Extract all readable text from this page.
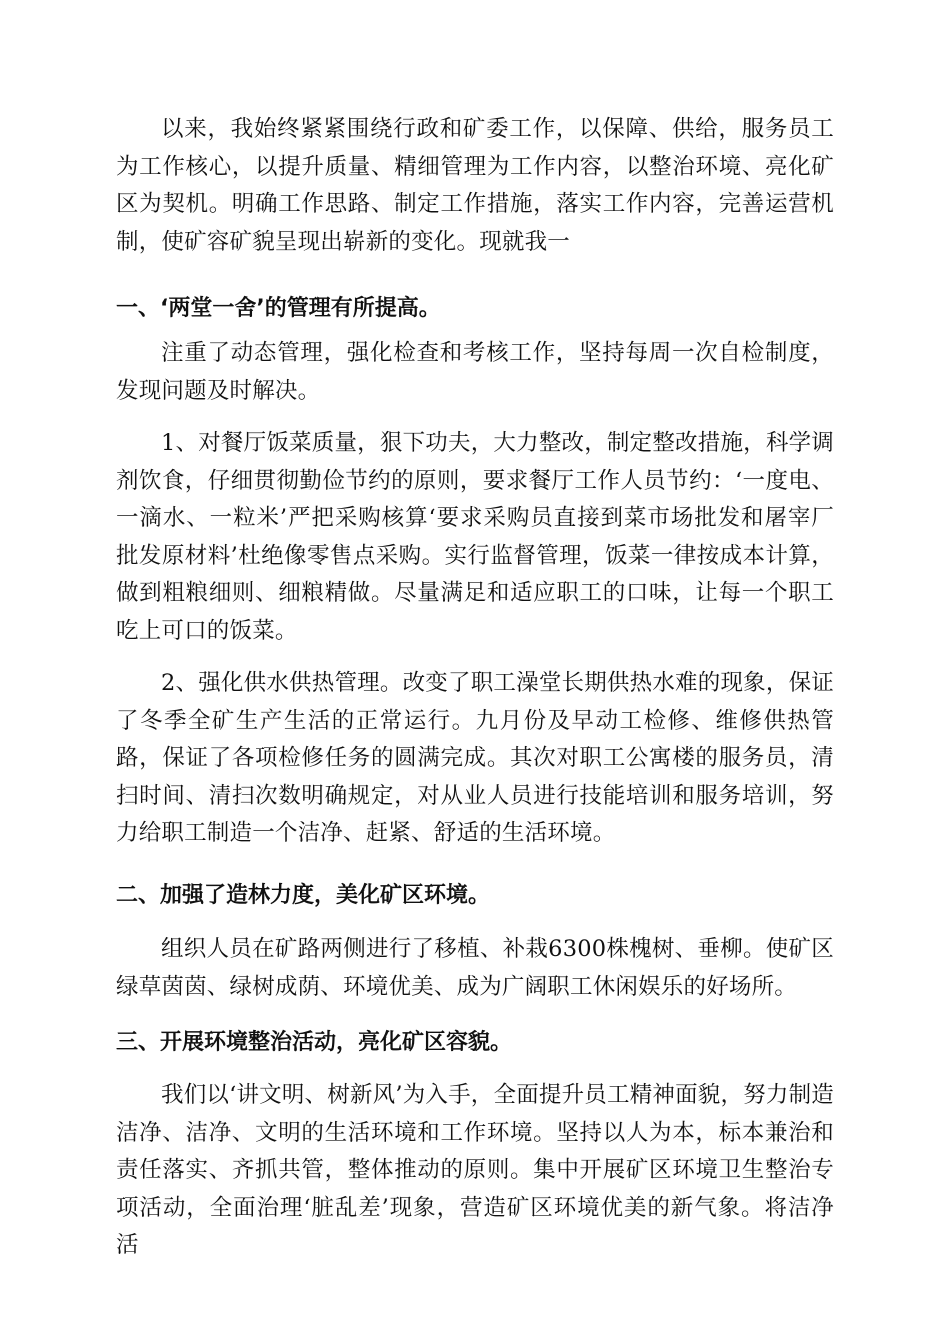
以来，我始终紧紧围绕行政和矿委工作，以保障、供给，服务员工为工作核心，以提升质量、精细管理为工作内容，以整治环境、亮化矿区为契机。明确工作思路、制定工作措施，落实工作内容，完善运营机制，使矿容矿貌呈现出崭新的变化。现就我一

一、‘两堂一舍’的管理有所提高。

注重了动态管理，强化检查和考核工作，坚持每周一次自检制度，发现问题及时解决。

1、对餐厅饭菜质量，狠下功夫，大力整改，制定整改措施，科学调剂饮食，仔细贯彻勤俭节约的原则，要求餐厅工作人员节约：‘一度电、一滴水、一粒米’严把采购核算‘要求采购员直接到菜市场批发和屠宰厂批发原材料’杜绝像零售点采购。实行监督管理，饭菜一律按成本计算，做到粗粮细则、细粮精做。尽量满足和适应职工的口味，让每一个职工吃上可口的饭菜。

2、强化供水供热管理。改变了职工澡堂长期供热水难的现象，保证了冬季全矿生产生活的正常运行。九月份及早动工检修、维修供热管路，保证了各项检修任务的圆满完成。其次对职工公寓楼的服务员，清扫时间、清扫次数明确规定，对从业人员进行技能培训和服务培训，努力给职工制造一个洁净、赶紧、舒适的生活环境。

二、加强了造林力度，美化矿区环境。

组织人员在矿路两侧进行了移植、补栽6300株槐树、垂柳。使矿区绿草茵茵、绿树成荫、环境优美、成为广阔职工休闲娱乐的好场所。

三、开展环境整治活动，亮化矿区容貌。

我们以‘讲文明、树新风’为入手，全面提升员工精神面貌，努力制造洁净、洁净、文明的生活环境和工作环境。坚持以人为本，标本兼治和责任落实、齐抓共管，整体推动的原则。集中开展矿区环境卫生整治专项活动，全面治理‘脏乱差’现象，营造矿区环境优美的新气象。将洁净活
